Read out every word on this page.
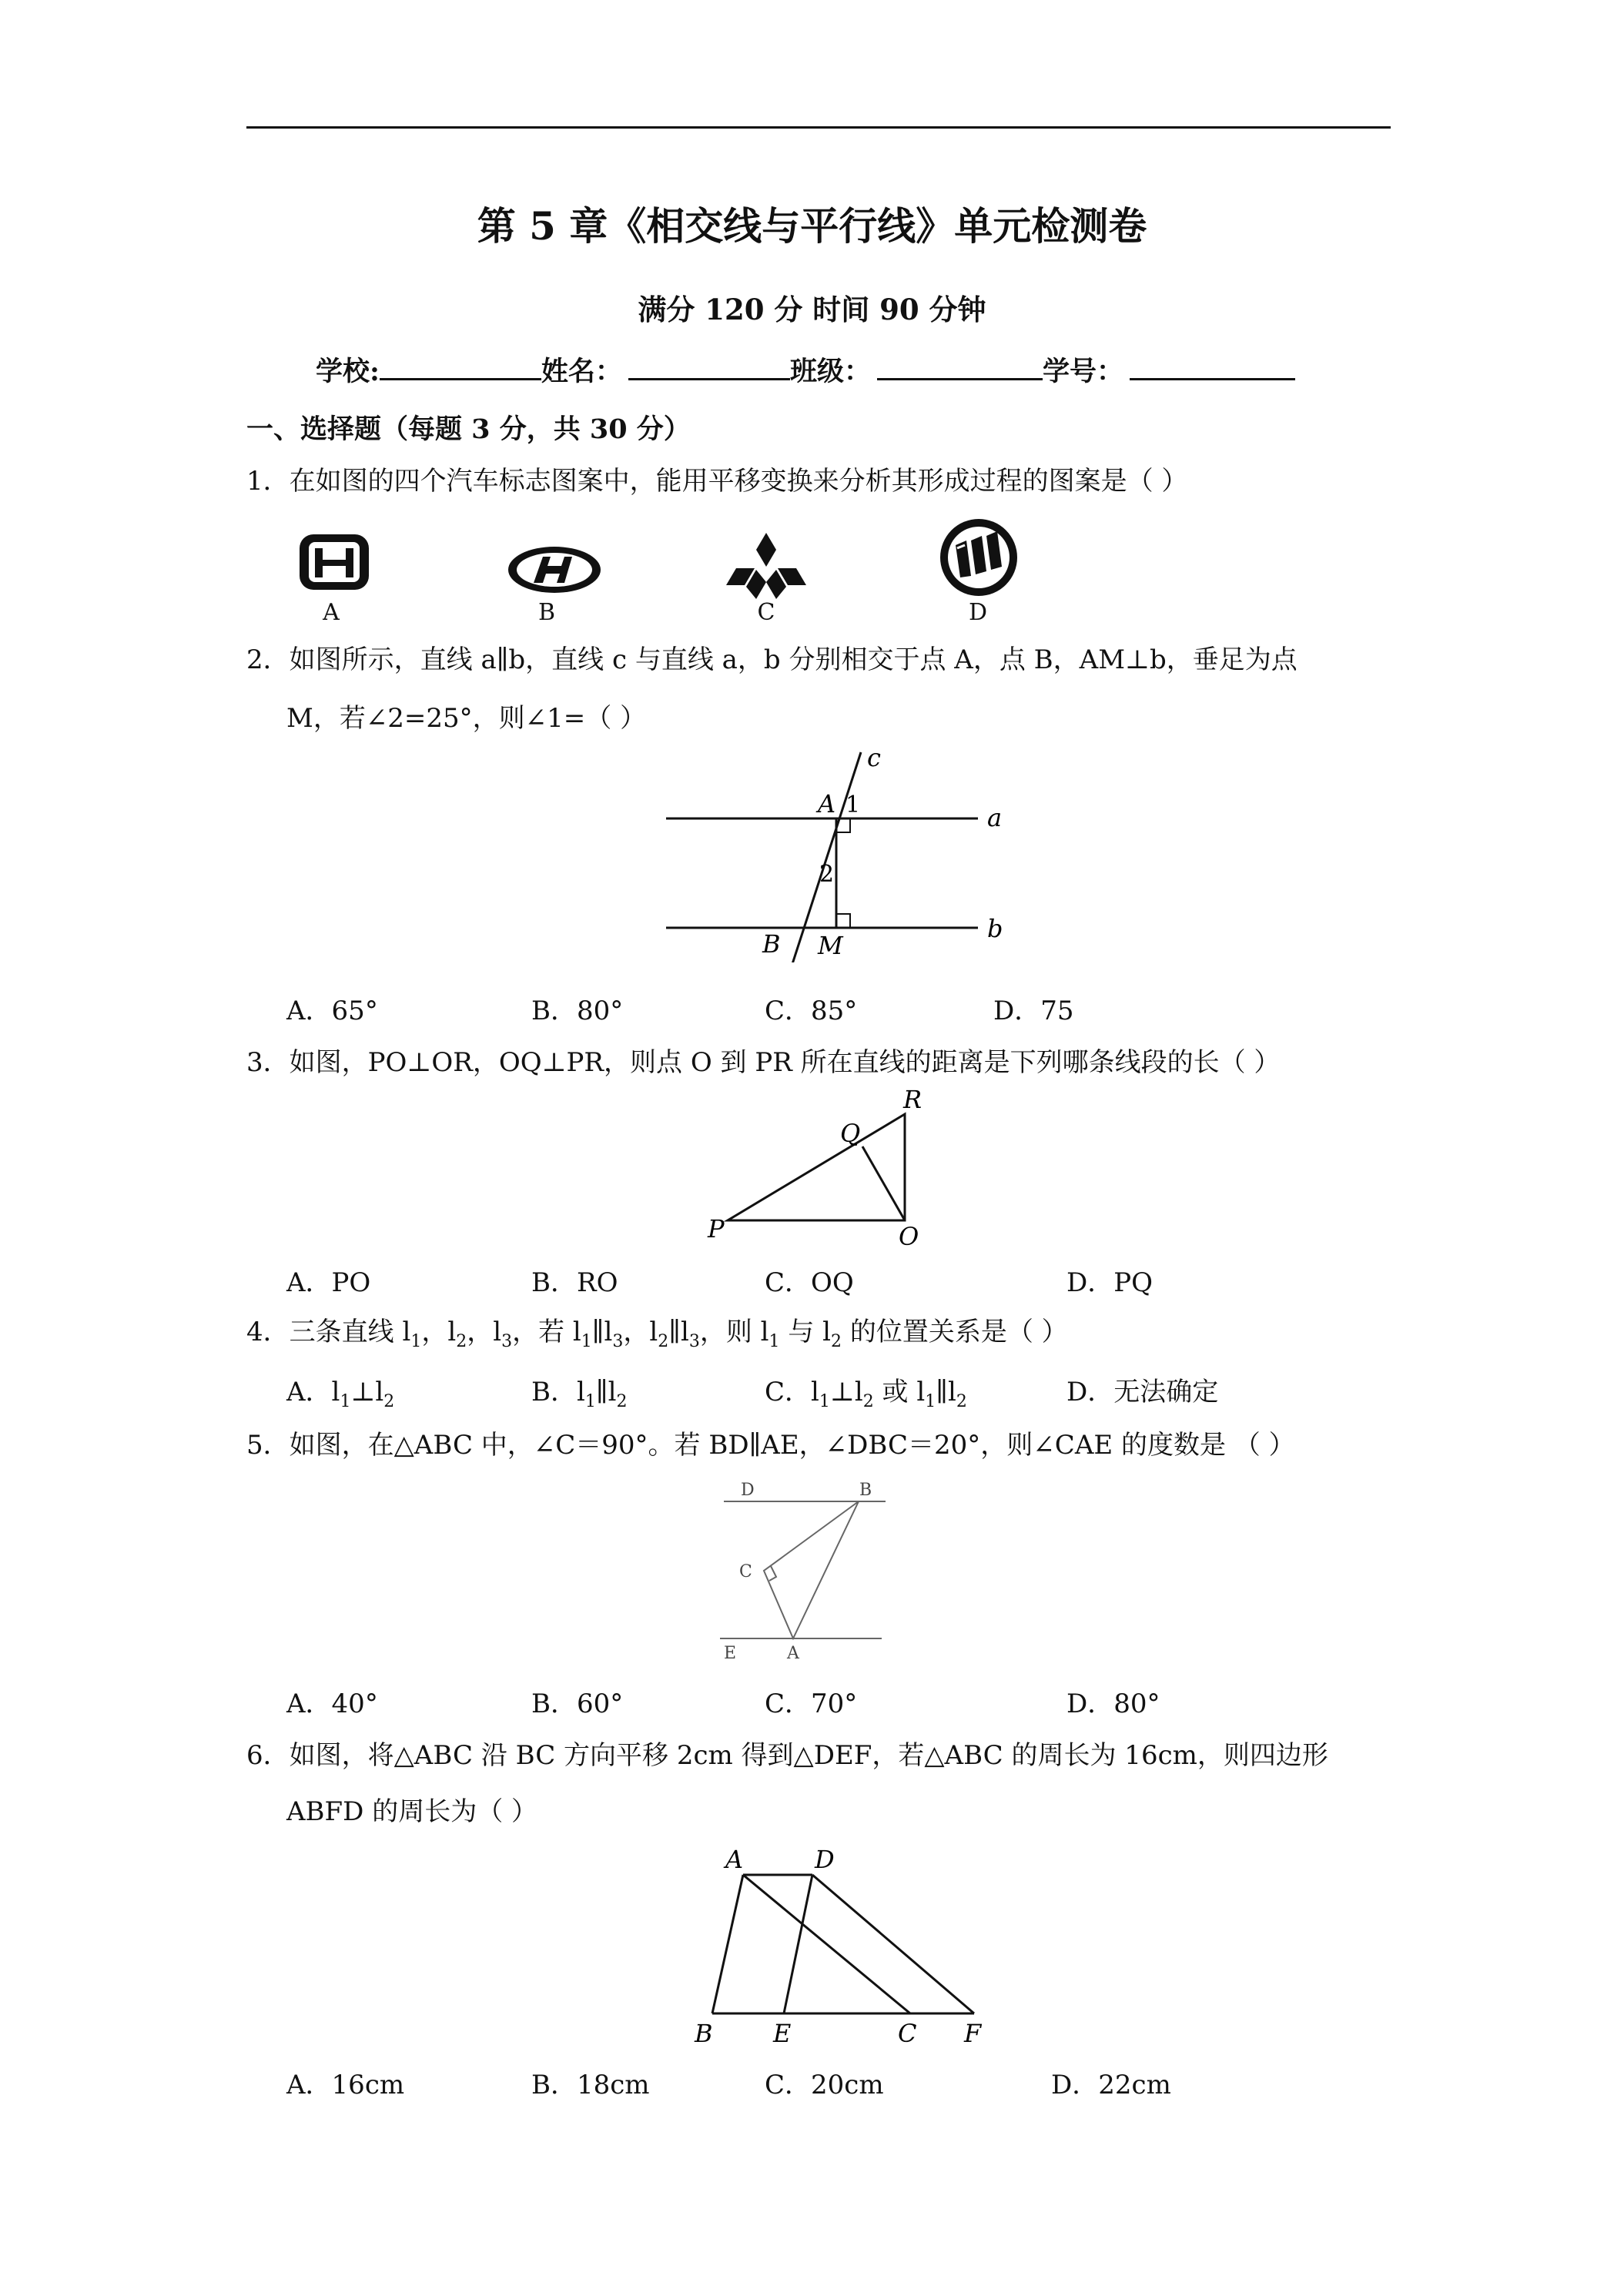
第 5 章《相交线与平行线》单元检测卷
满分 120 分 时间 90 分钟
学校:	姓名：	班级：	学号：
一、选择题（每题 3 分，共 30 分）
1．在如图的四个汽车标志图案中，能用平移变换来分析其形成过程的图案是（ ）
A	B	C	D
2．如图所示，直线 a∥b，直线 c 与直线 a，b 分别相交于点 A，点 B，AM⊥b，垂足为点
M，若∠2=25°，则∠1=（ ）
c
A 1	a
2
B M
b
A．65°	B．80°	C．85°	D．75
3．如图，PO⊥OR，OQ⊥PR，则点 O 到 PR 所在直线的距离是下列哪条线段的长（ ）
Q
R
P	O
A．PO	B．RO	C．OQ	D．PQ
4．三条直线 $l_1$，$l_2$，$l_3$，若 $l_1\parallel l_3$，$l_2\parallel l_3$，则 $l_1$ 与 $l_2$ 的位置关系是（ ）
A．$l_1\perp l_2$	B．$l_1\parallel l_2$	C．$l_1\perp l_2$ 或 $l_1\parallel l_2$	D．无法确定
5．如图，在△ABC 中，∠C＝90°。若 BD∥AE，∠DBC＝20°，则∠CAE 的度数是 （ ）
D	B
C
E	A
A．40°	B．60°	C．70°	D．80°
6．如图，将△ABC 沿 BC 方向平移 2cm 得到△DEF，若△ABC 的周长为 16cm，则四边形
ABFD 的周长为（ ）
A	D
B E	C F
A．16cm	B．18cm	C．20cm	D．22cm
